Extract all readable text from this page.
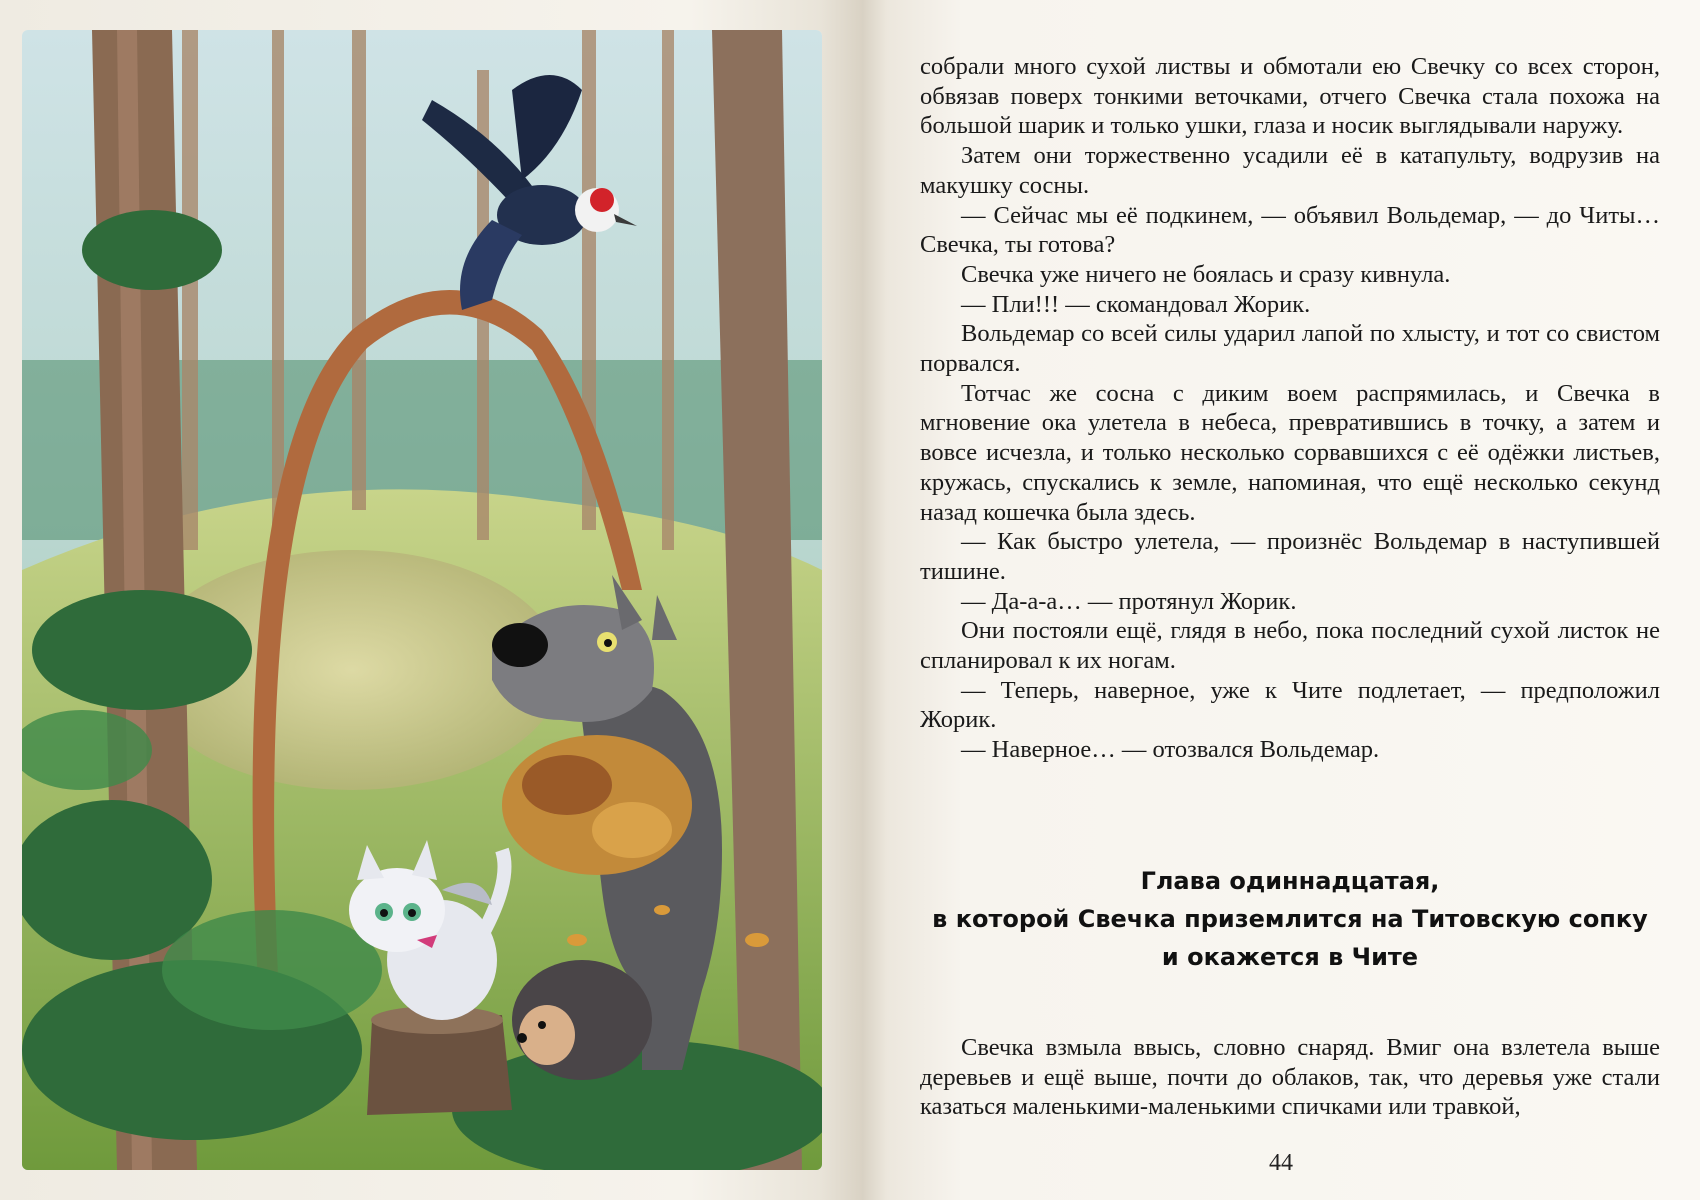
собрали много сухой листвы и обмотали ею Свечку со всех сторон, обвязав поверх тонкими веточками, отчего Свечка стала похожа на большой шарик и только ушки, глаза и носик выглядывали наружу.

Затем они торжественно усадили её в катапульту, водрузив на макушку сосны.

— Сейчас мы её подкинем, — объявил Вольдемар, — до Читы… Свечка, ты готова?

Свечка уже ничего не боялась и сразу кивнула.

— Пли!!! — скомандовал Жорик.

Вольдемар со всей силы ударил лапой по хлысту, и тот со свистом порвался.

Тотчас же сосна с диким воем распрямилась, и Свечка в мгновение ока улетела в небеса, превратившись в точку, а затем и вовсе исчезла, и только несколько сорвавшихся с её одёжки листьев, кружась, спускались к земле, напоминая, что ещё несколько секунд назад кошечка была здесь.

— Как быстро улетела, — произнёс Вольдемар в наступившей тишине.

— Да-а-а… — протянул Жорик.

Они постояли ещё, глядя в небо, пока последний сухой листок не спланировал к их ногам.

— Теперь, наверное, уже к Чите подлетает, — предположил Жорик.

— Наверное… — отозвался Вольдемар.

Глава одиннадцатая,
в которой Свечка приземлится на Титовскую сопку
и окажется в Чите

Свечка взмыла ввысь, словно снаряд. Вмиг она взлетела выше деревьев и ещё выше, почти до облаков, так, что деревья уже стали казаться маленькими-маленькими спичками или травкой,

44
